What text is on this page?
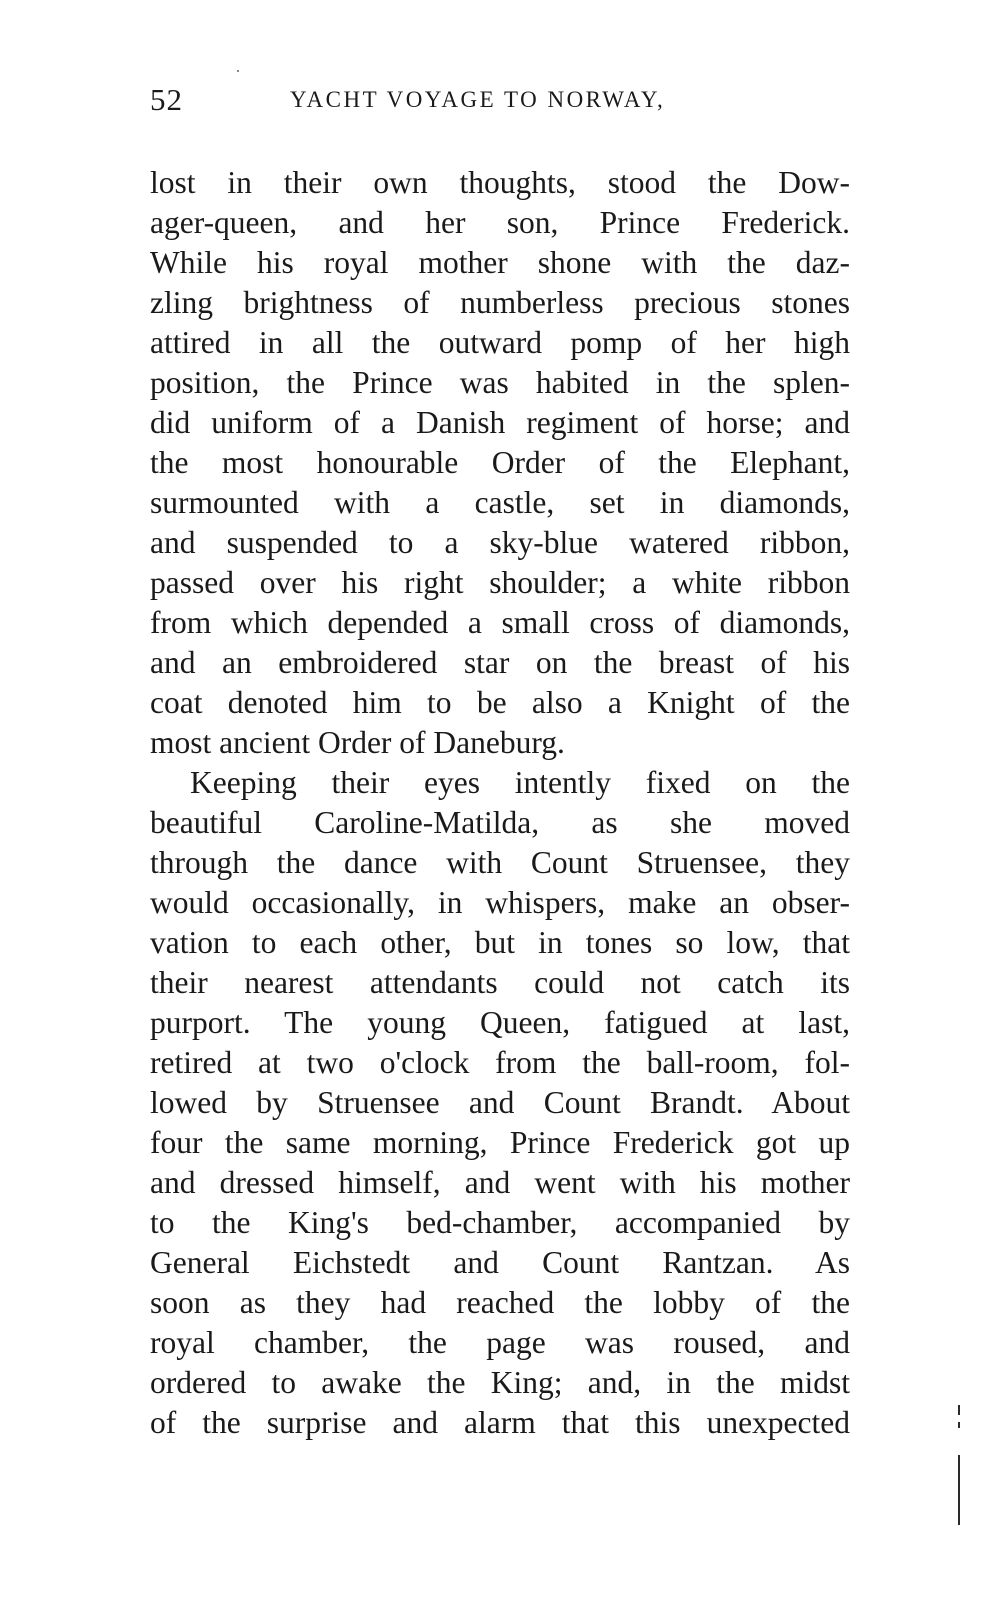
52	YACHT VOYAGE TO NORWAY,
lost in their own thoughts, stood the Dow-
ager-queen, and her son, Prince Frederick.
While his royal mother shone with the daz-
zling brightness of numberless precious stones
attired in all the outward pomp of her high
position, the Prince was habited in the splen-
did uniform of a Danish regiment of horse; and
the most honourable Order of the Elephant,
surmounted with a castle, set in diamonds,
and suspended to a sky-blue watered ribbon,
passed over his right shoulder; a white ribbon
from which depended a small cross of diamonds,
and an embroidered star on the breast of his
coat denoted him to be also a Knight of the
most ancient Order of Daneburg.
Keeping their eyes intently fixed on the
beautiful Caroline-Matilda, as she moved
through the dance with Count Struensee, they
would occasionally, in whispers, make an obser-
vation to each other, but in tones so low, that
their nearest attendants could not catch its
purport. The young Queen, fatigued at last,
retired at two o'clock from the ball-room, fol-
lowed by Struensee and Count Brandt. About
four the same morning, Prince Frederick got up
and dressed himself, and went with his mother
to the King's bed-chamber, accompanied by
General Eichstedt and Count Rantzan. As
soon as they had reached the lobby of the
royal chamber, the page was roused, and
ordered to awake the King; and, in the midst
of the surprise and alarm that this unexpected
